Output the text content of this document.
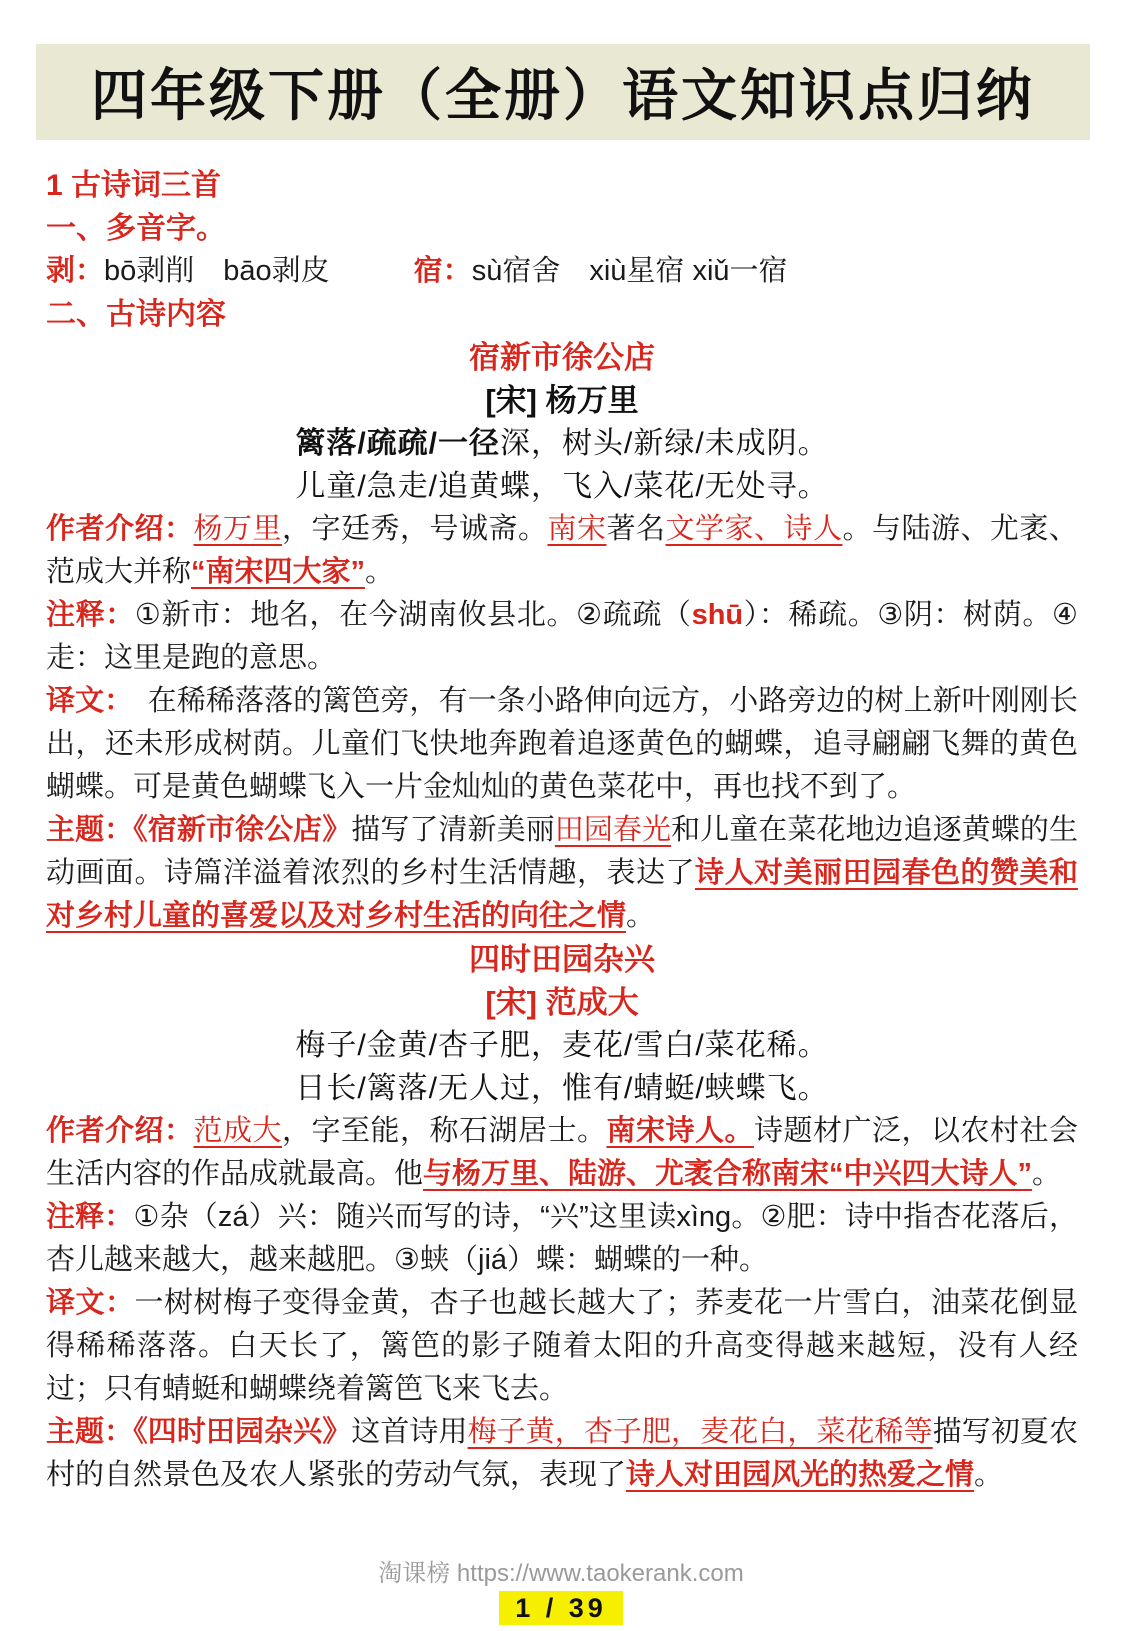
四年级下册（全册）语文知识点归纳
1 古诗词三首
一、多音字。
剥：bō剥削　bāo剥皮	宿：sù宿舍　xiù星宿 xiǔ一宿
二、古诗内容
宿新市徐公店
[宋] 杨万里
篱落/疏疏/一径深，树头/新绿/未成阴。
儿童/急走/追黄蝶，飞入/菜花/无处寻。
作者介绍：杨万里，字廷秀，号诚斋。南宋著名文学家、诗人。与陆游、尤袤、范成大并称“南宋四大家”。
注释：①新市：地名，在今湖南攸县北。②疏疏（shū）：稀疏。③阴：树荫。④走：这里是跑的意思。
译文：　在稀稀落落的篱笆旁，有一条小路伸向远方，小路旁边的树上新叶刚刚长出，还未形成树荫。儿童们飞快地奔跑着追逐黄色的蝴蝶，追寻翩翩飞舞的黄色蝴蝶。可是黄色蝴蝶飞入一片金灿灿的黄色菜花中，再也找不到了。
主题：《宿新市徐公店》描写了清新美丽田园春光和儿童在菜花地边追逐黄蝶的生动画面。诗篇洋溢着浓烈的乡村生活情趣，表达了诗人对美丽田园春色的赞美和对乡村儿童的喜爱以及对乡村生活的向往之情。
四时田园杂兴
[宋] 范成大
梅子/金黄/杏子肥，麦花/雪白/菜花稀。
日长/篱落/无人过，惟有/蜻蜓/蛱蝶飞。
作者介绍：范成大，字至能，称石湖居士。南宋诗人。诗题材广泛，以农村社会生活内容的作品成就最高。他与杨万里、陆游、尤袤合称南宋“中兴四大诗人”。
注释：①杂（zá）兴：随兴而写的诗，“兴”这里读xìng。②肥：诗中指杏花落后，杏儿越来越大，越来越肥。③蛱（jiá）蝶：蝴蝶的一种。
译文：一树树梅子变得金黄，杏子也越长越大了；荞麦花一片雪白，油菜花倒显得稀稀落落。白天长了，篱笆的影子随着太阳的升高变得越来越短，没有人经过；只有蜻蜓和蝴蝶绕着篱笆飞来飞去。
主题：《四时田园杂兴》这首诗用梅子黄，杏子肥，麦花白，菜花稀等描写初夏农村的自然景色及农人紧张的劳动气氛，表现了诗人对田园风光的热爱之情。
淘课榜 https://www.taokerank.com
1 / 39
